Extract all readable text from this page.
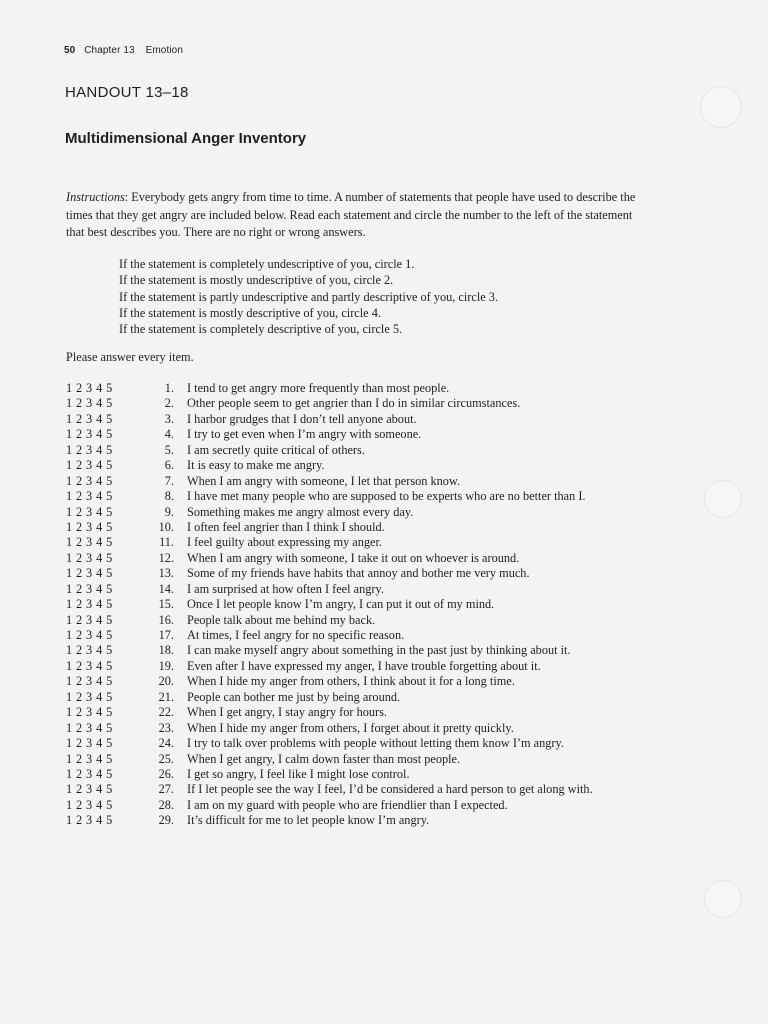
50 Chapter 13 Emotion
HANDOUT 13–18
Multidimensional Anger Inventory
Instructions: Everybody gets angry from time to time. A number of statements that people have used to describe the
times that they get angry are included below. Read each statement and circle the number to the left of the statement
that best describes you. There are no right or wrong answers.
If the statement is completely undescriptive of you, circle 1.
If the statement is mostly undescriptive of you, circle 2.
If the statement is partly undescriptive and partly descriptive of you, circle 3.
If the statement is mostly descriptive of you, circle 4.
If the statement is completely descriptive of you, circle 5.
Please answer every item.
1 2 3 4 5	1. I tend to get angry more frequently than most people.
1 2 3 4 5	2. Other people seem to get angrier than I do in similar circumstances.
1 2 3 4 5	3. I harbor grudges that I don’t tell anyone about.
1 2 3 4 5	4. I try to get even when I’m angry with someone.
1 2 3 4 5	5. I am secretly quite critical of others.
1 2 3 4 5	6. It is easy to make me angry.
1 2 3 4 5	7. When I am angry with someone, I let that person know.
1 2 3 4 5	8. I have met many people who are supposed to be experts who are no better than I.
1 2 3 4 5	9. Something makes me angry almost every day.
1 2 3 4 5	10. I often feel angrier than I think I should.
1 2 3 4 5	11. I feel guilty about expressing my anger.
1 2 3 4 5	12. When I am angry with someone, I take it out on whoever is around.
1 2 3 4 5	13. Some of my friends have habits that annoy and bother me very much.
1 2 3 4 5	14. I am surprised at how often I feel angry.
1 2 3 4 5	15. Once I let people know I’m angry, I can put it out of my mind.
1 2 3 4 5	16. People talk about me behind my back.
1 2 3 4 5	17. At times, I feel angry for no specific reason.
1 2 3 4 5	18. I can make myself angry about something in the past just by thinking about it.
1 2 3 4 5	19. Even after I have expressed my anger, I have trouble forgetting about it.
1 2 3 4 5	20. When I hide my anger from others, I think about it for a long time.
1 2 3 4 5	21. People can bother me just by being around.
1 2 3 4 5	22. When I get angry, I stay angry for hours.
1 2 3 4 5	23. When I hide my anger from others, I forget about it pretty quickly.
1 2 3 4 5	24. I try to talk over problems with people without letting them know I’m angry.
1 2 3 4 5	25. When I get angry, I calm down faster than most people.
1 2 3 4 5	26. I get so angry, I feel like I might lose control.
1 2 3 4 5	27. If I let people see the way I feel, I’d be considered a hard person to get along with.
1 2 3 4 5	28. I am on my guard with people who are friendlier than I expected.
1 2 3 4 5	29. It’s difficult for me to let people know I’m angry.
